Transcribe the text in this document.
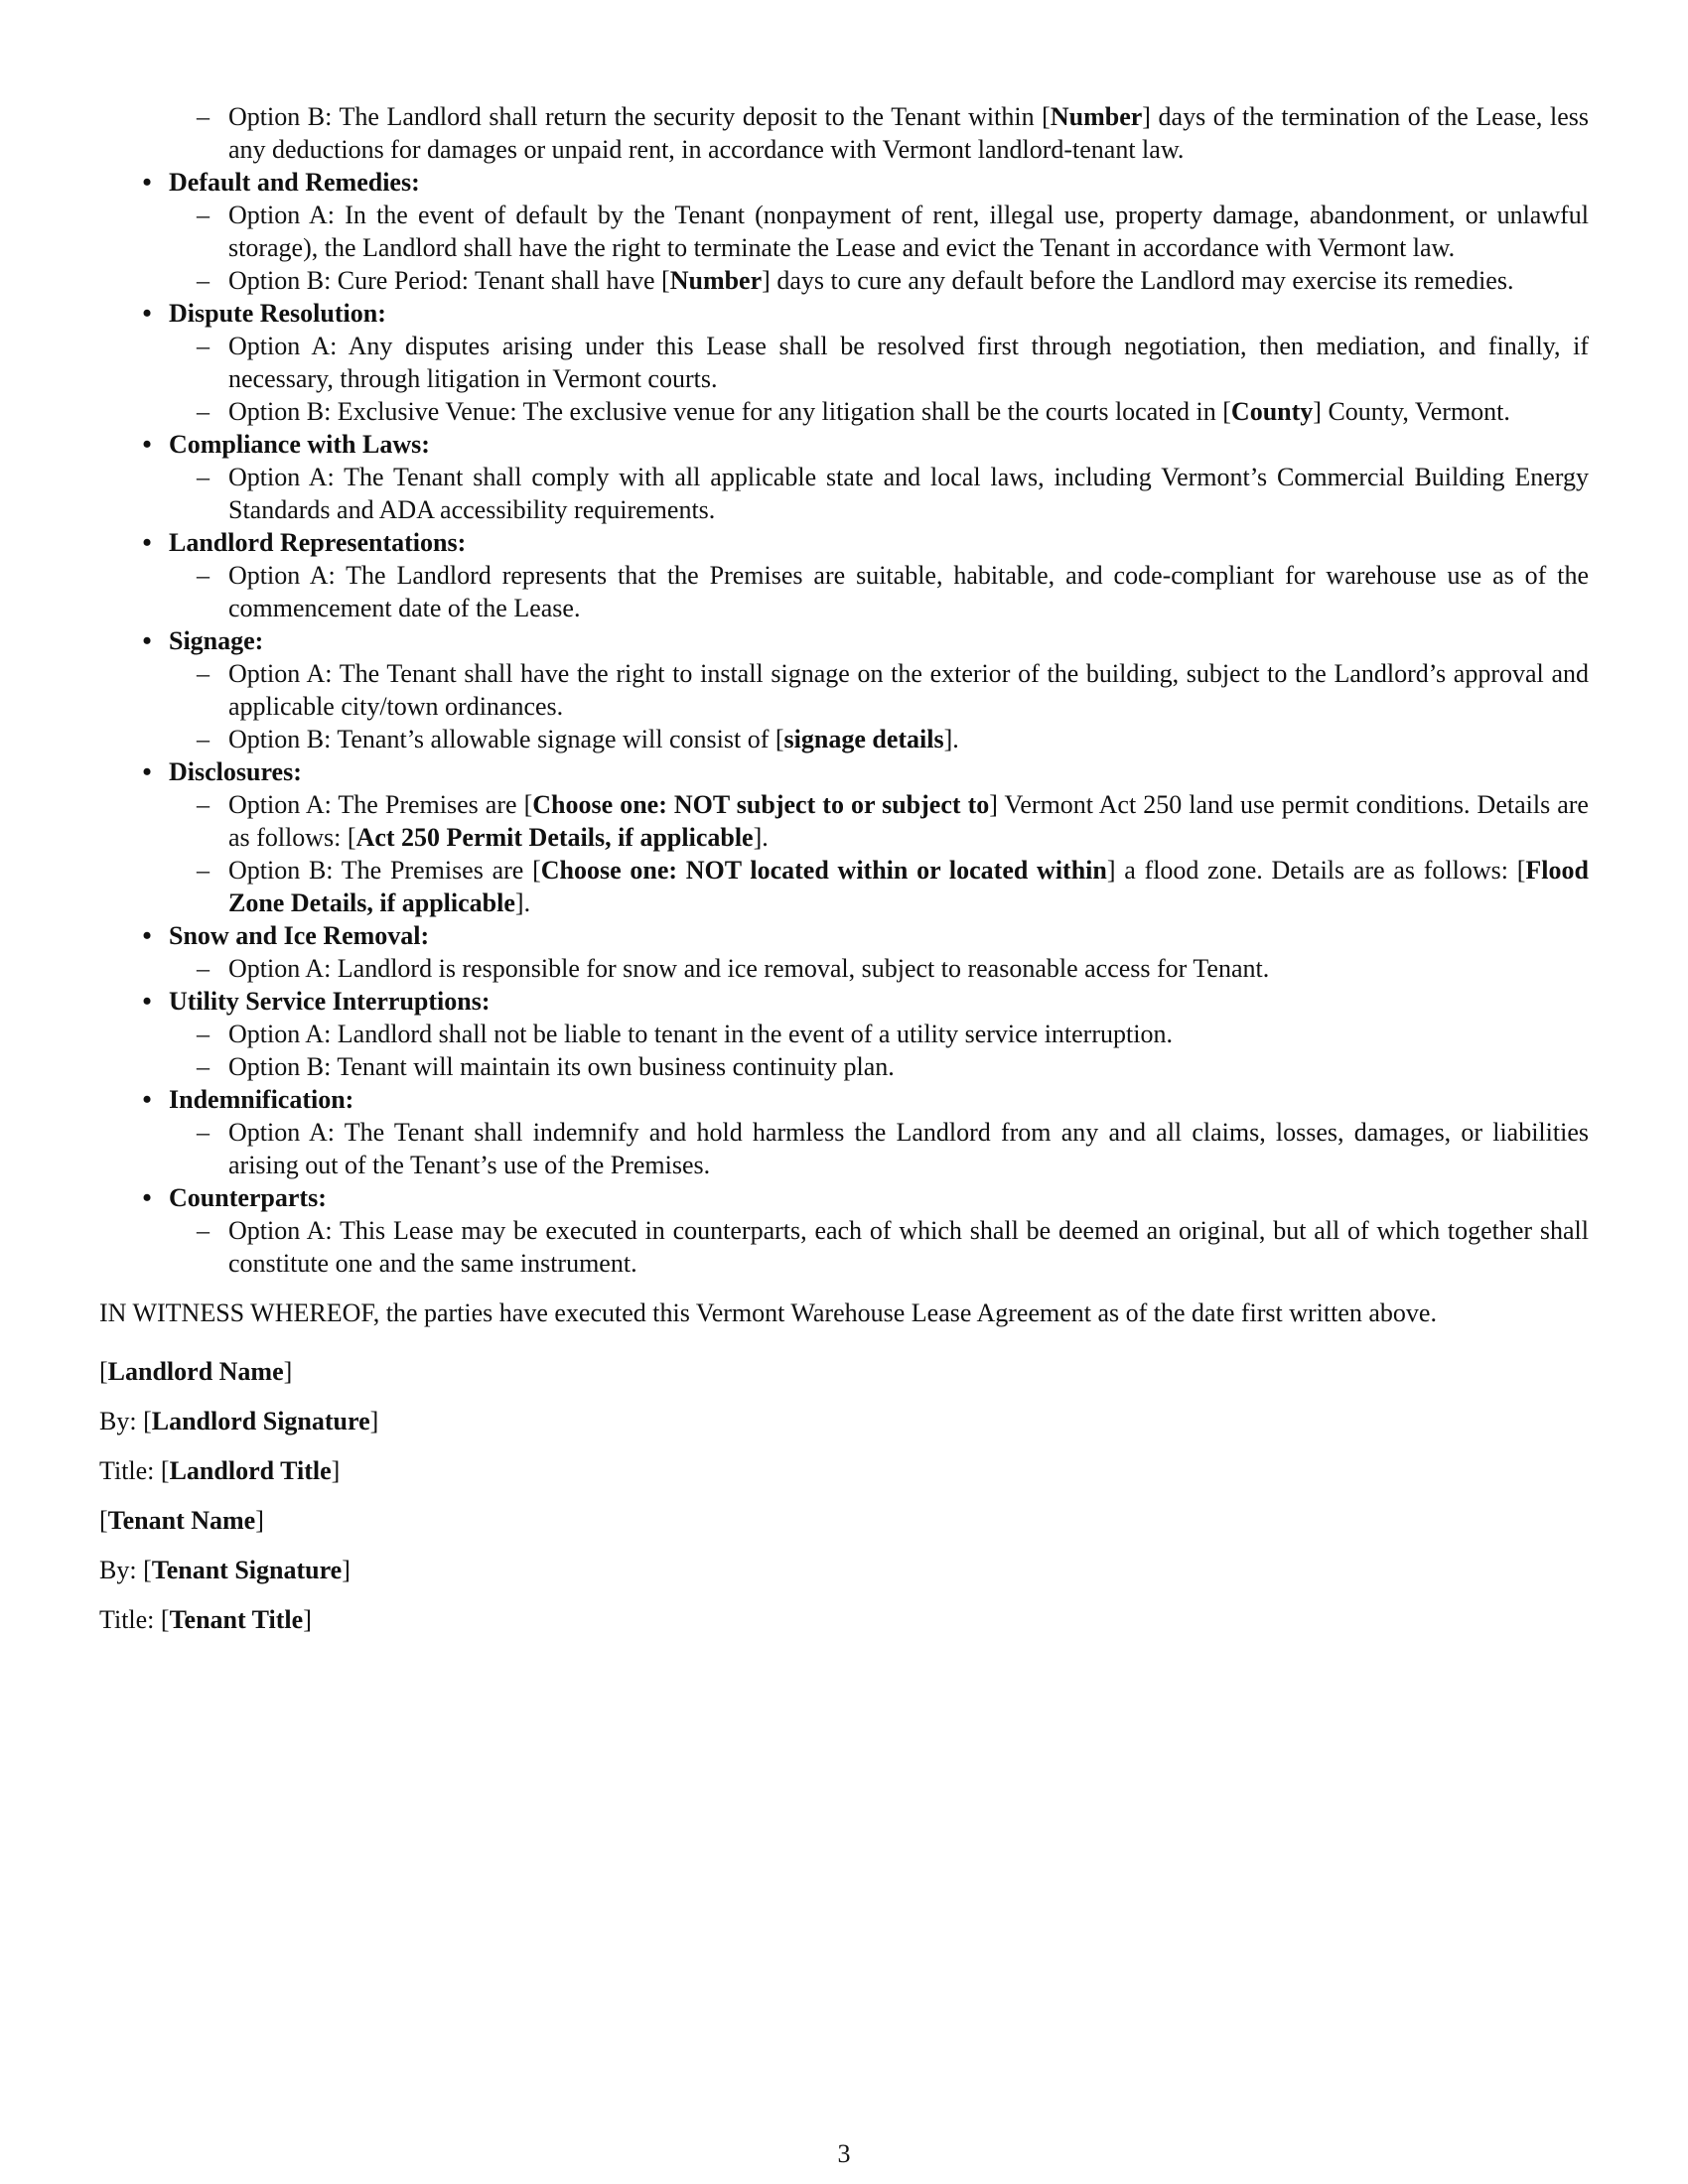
– Option B: The Landlord shall return the security deposit to the Tenant within [Number] days of the termination of the Lease, less any deductions for damages or unpaid rent, in accordance with Vermont landlord-tenant law.
• Default and Remedies:
– Option A: In the event of default by the Tenant (nonpayment of rent, illegal use, property damage, abandonment, or unlawful storage), the Landlord shall have the right to terminate the Lease and evict the Tenant in accordance with Vermont law.
– Option B: Cure Period: Tenant shall have [Number] days to cure any default before the Landlord may exercise its remedies.
• Dispute Resolution:
– Option A: Any disputes arising under this Lease shall be resolved first through negotiation, then mediation, and finally, if necessary, through litigation in Vermont courts.
– Option B: Exclusive Venue: The exclusive venue for any litigation shall be the courts located in [County] County, Vermont.
• Compliance with Laws:
– Option A: The Tenant shall comply with all applicable state and local laws, including Vermont’s Commercial Building Energy Standards and ADA accessibility requirements.
• Landlord Representations:
– Option A: The Landlord represents that the Premises are suitable, habitable, and code-compliant for warehouse use as of the commencement date of the Lease.
• Signage:
– Option A: The Tenant shall have the right to install signage on the exterior of the building, subject to the Landlord’s approval and applicable city/town ordinances.
– Option B: Tenant’s allowable signage will consist of [signage details].
• Disclosures:
– Option A: The Premises are [Choose one: NOT subject to or subject to] Vermont Act 250 land use permit conditions. Details are as follows: [Act 250 Permit Details, if applicable].
– Option B: The Premises are [Choose one: NOT located within or located within] a flood zone. Details are as follows: [Flood Zone Details, if applicable].
• Snow and Ice Removal:
– Option A: Landlord is responsible for snow and ice removal, subject to reasonable access for Tenant.
• Utility Service Interruptions:
– Option A: Landlord shall not be liable to tenant in the event of a utility service interruption.
– Option B: Tenant will maintain its own business continuity plan.
• Indemnification:
– Option A: The Tenant shall indemnify and hold harmless the Landlord from any and all claims, losses, damages, or liabilities arising out of the Tenant’s use of the Premises.
• Counterparts:
– Option A: This Lease may be executed in counterparts, each of which shall be deemed an original, but all of which together shall constitute one and the same instrument.

IN WITNESS WHEREOF, the parties have executed this Vermont Warehouse Lease Agreement as of the date first written above.

[Landlord Name]
By: [Landlord Signature]
Title: [Landlord Title]
[Tenant Name]
By: [Tenant Signature]
Title: [Tenant Title]
3
